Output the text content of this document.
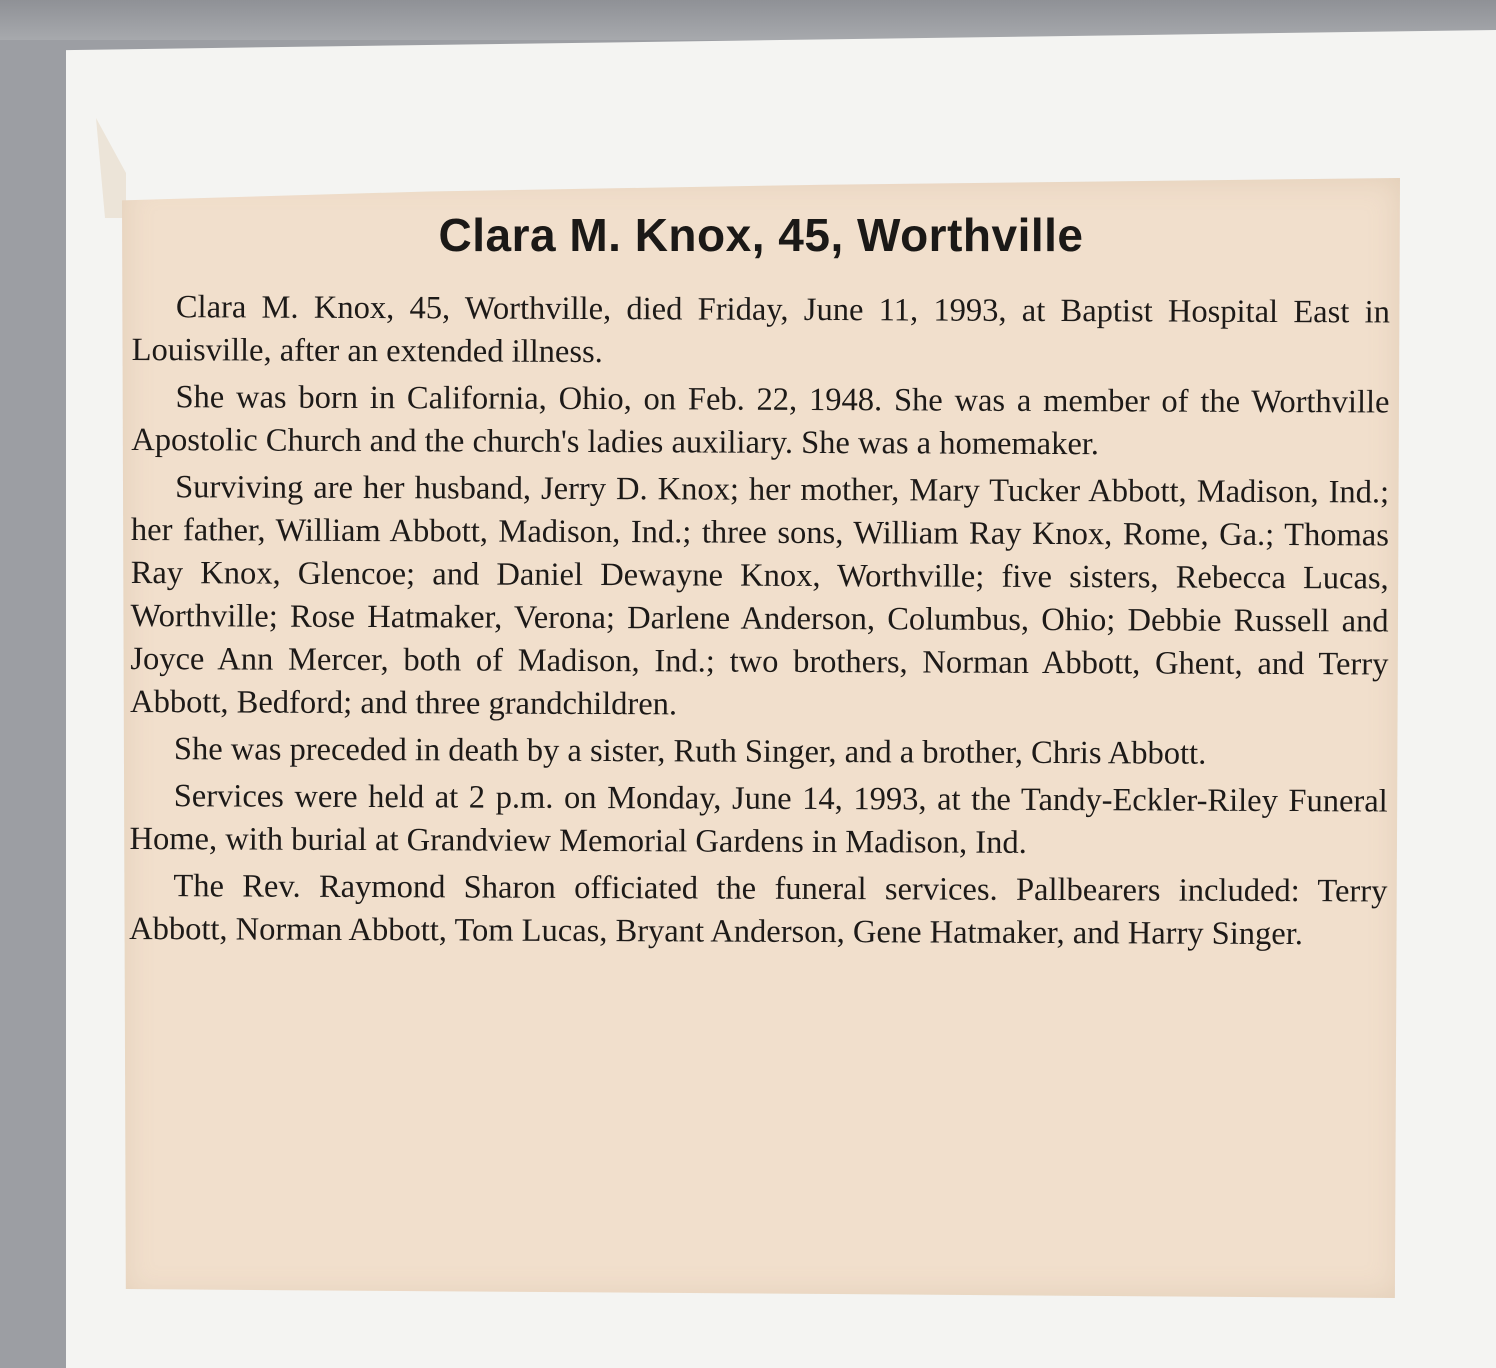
Clara M. Knox, 45, Worthville

Clara M. Knox, 45, Worthville, died Friday, June 11, 1993, at Baptist Hospital East in Louisville, after an extended illness.

She was born in California, Ohio, on Feb. 22, 1948. She was a member of the Worthville Apostolic Church and the church's ladies auxiliary. She was a homemaker.

Surviving are her husband, Jerry D. Knox; her mother, Mary Tucker Abbott, Madison, Ind.; her father, William Abbott, Madison, Ind.; three sons, William Ray Knox, Rome, Ga.; Thomas Ray Knox, Glencoe; and Daniel Dewayne Knox, Worthville; five sisters, Rebecca Lucas, Worthville; Rose Hatmaker, Verona; Darlene Anderson, Columbus, Ohio; Debbie Russell and Joyce Ann Mercer, both of Madison, Ind.; two brothers, Norman Abbott, Ghent, and Terry Abbott, Bedford; and three grandchildren.

She was preceded in death by a sister, Ruth Singer, and a brother, Chris Abbott.

Services were held at 2 p.m. on Monday, June 14, 1993, at the Tandy-Eckler-Riley Funeral Home, with burial at Grandview Memorial Gardens in Madison, Ind.

The Rev. Raymond Sharon officiated the funeral services. Pallbearers included: Terry Abbott, Norman Abbott, Tom Lucas, Bryant Anderson, Gene Hatmaker, and Harry Singer.
